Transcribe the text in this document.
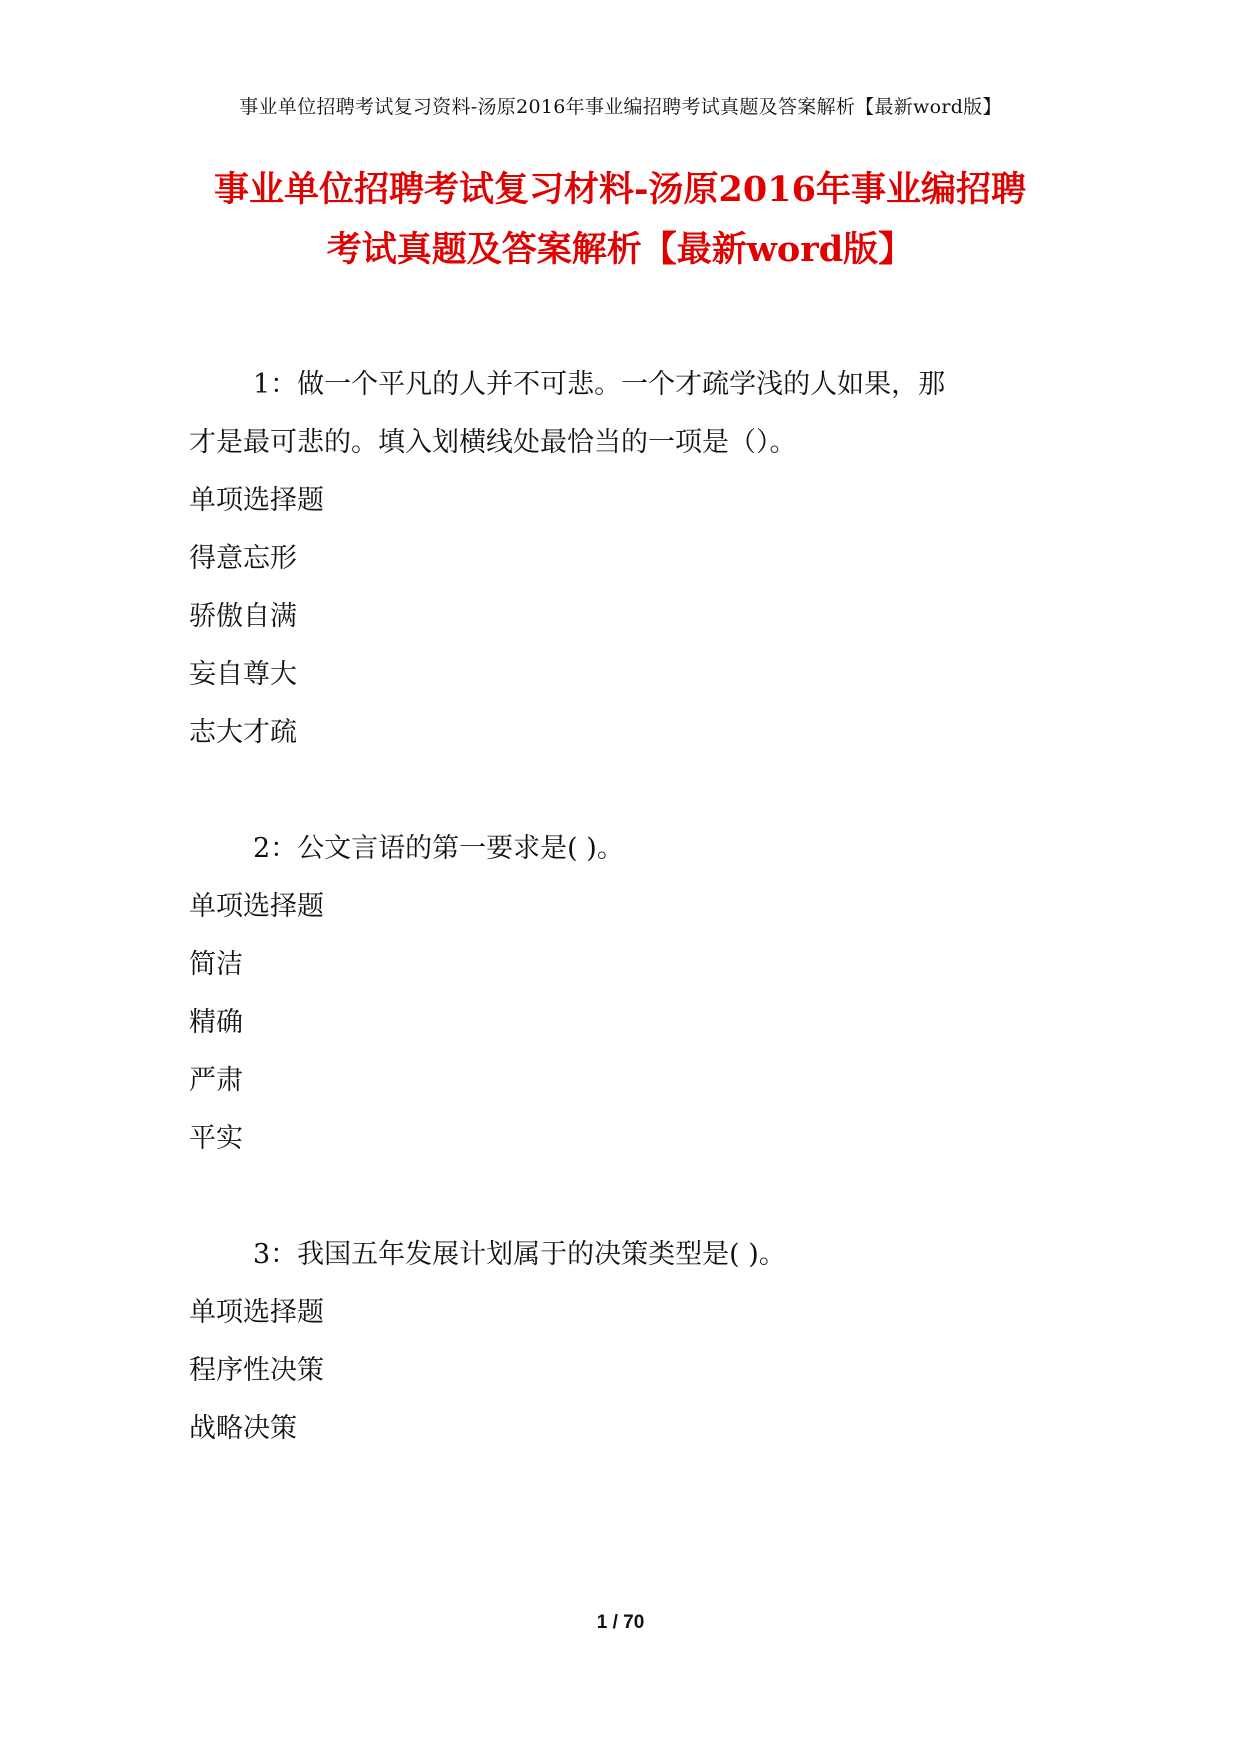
事业单位招聘考试复习资料-汤原2016年事业编招聘考试真题及答案解析【最新word版】
事业单位招聘考试复习材料-汤原2016年事业编招聘
考试真题及答案解析【最新word版】
1：做一个平凡的人并不可悲。一个才疏学浅的人如果，那
才是最可悲的。填入划横线处最恰当的一项是（）。
单项选择题
得意忘形
骄傲自满
妄自尊大
志大才疏
2：公文言语的第一要求是( )。
单项选择题
简洁
精确
严肃
平实
3：我国五年发展计划属于的决策类型是( )。
单项选择题
程序性决策
战略决策
1 / 70
